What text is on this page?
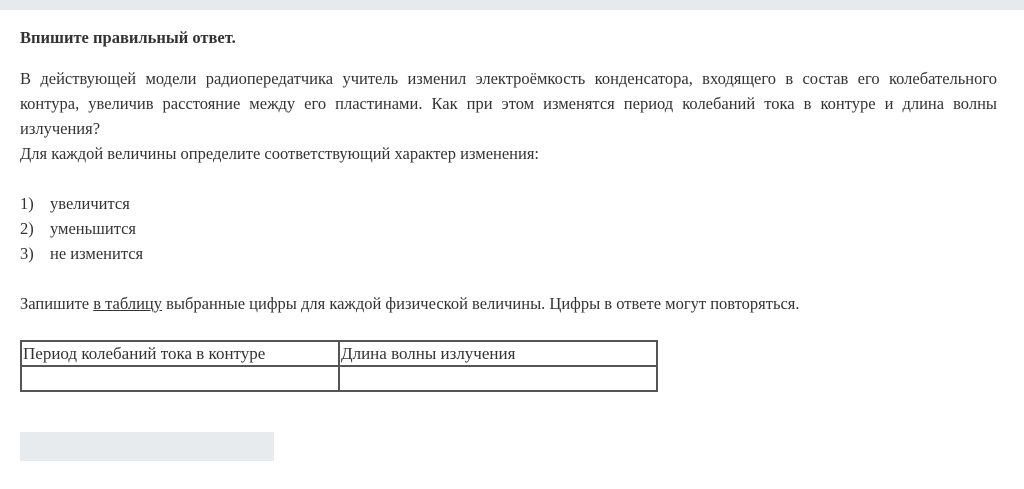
Впишите правильный ответ.

В действующей модели радиопередатчика учитель изменил электроёмкость конденсатора, входящего в состав его колебательного контура, увеличив расстояние между его пластинами. Как при этом изменятся период колебаний тока в контуре и длина волны излучения?

Для каждой величины определите соответствующий характер изменения:

1) увеличится
2) уменьшится
3) не изменится

Запишите в таблицу выбранные цифры для каждой физической величины. Цифры в ответе могут повторяться.

Период колебаний тока в контуре	Длина волны излучения
